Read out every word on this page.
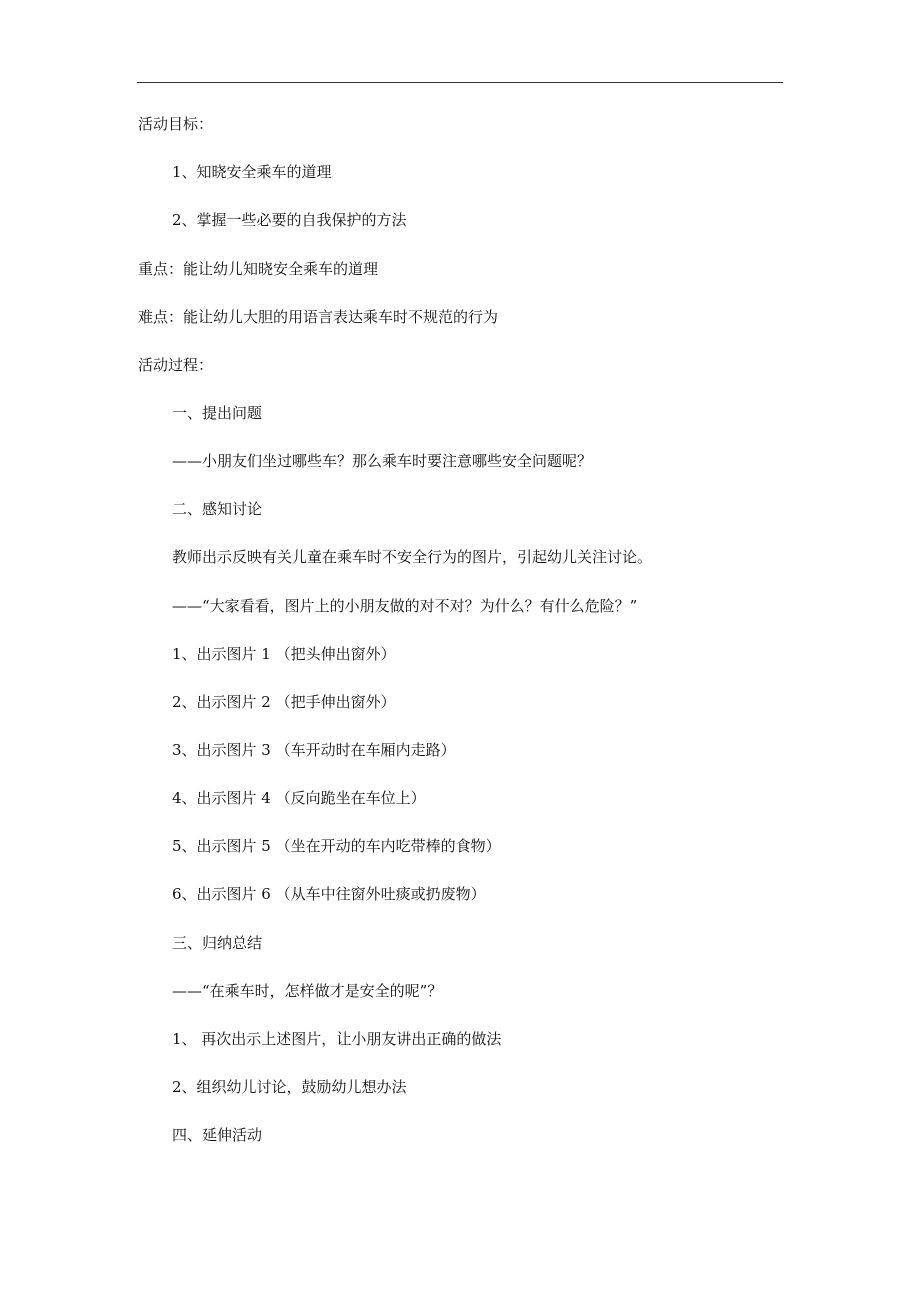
活动目标：
1、知晓安全乘车的道理
2、掌握一些必要的自我保护的方法
重点：能让幼儿知晓安全乘车的道理
难点：能让幼儿大胆的用语言表达乘车时不规范的行为
活动过程：
一、提出问题
——小朋友们坐过哪些车？那么乘车时要注意哪些安全问题呢？
二、感知讨论
教师出示反映有关儿童在乘车时不安全行为的图片，引起幼儿关注讨论。
——“大家看看，图片上的小朋友做的对不对？为什么？有什么危险？”
1、出示图片 1 （把头伸出窗外）
2、出示图片 2 （把手伸出窗外）
3、出示图片 3 （车开动时在车厢内走路）
4、出示图片 4 （反向跪坐在车位上）
5、出示图片 5 （坐在开动的车内吃带棒的食物）
6、出示图片 6 （从车中往窗外吐痰或扔废物）
三、归纳总结
——“在乘车时，怎样做才是安全的呢”？
1、 再次出示上述图片，让小朋友讲出正确的做法
2、组织幼儿讨论，鼓励幼儿想办法
四、延伸活动
